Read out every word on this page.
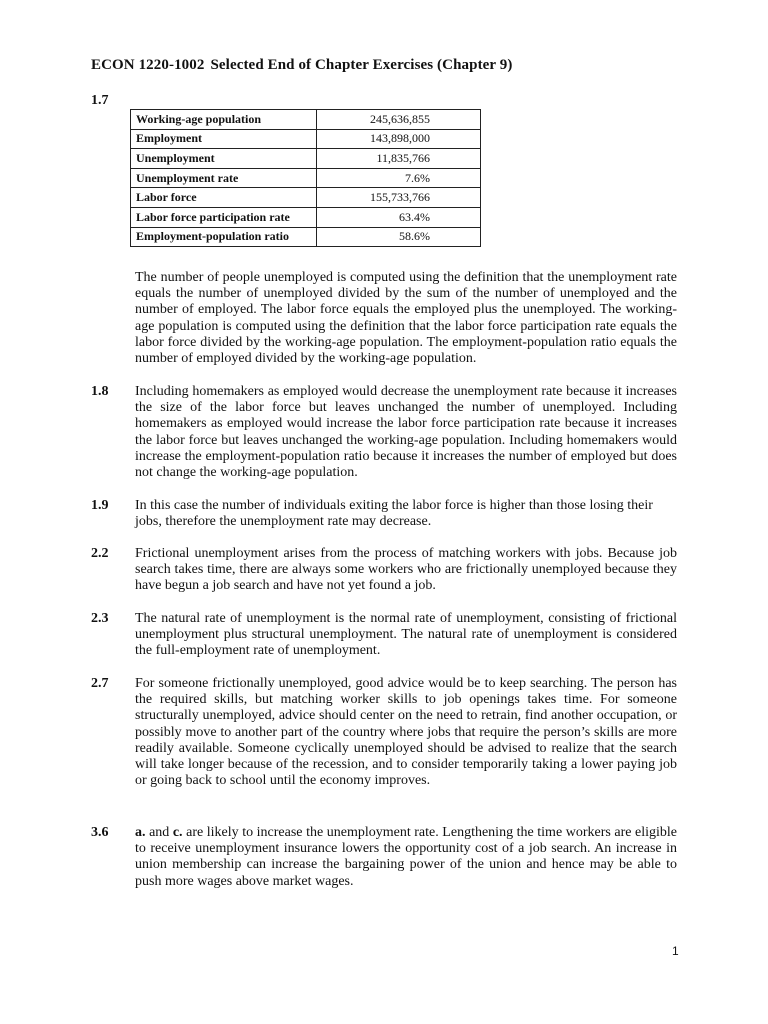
ECON 1220-1002 Selected End of Chapter Exercises (Chapter 9)
1.7
Working-age population	245,636,855
Employment	143,898,000
Unemployment	11,835,766
Unemployment rate	7.6%
Labor force	155,733,766
Labor force participation rate	63.4%
Employment-population ratio	58.6%

The number of people unemployed is computed using the definition that the unemployment rate equals the number of unemployed divided by the sum of the number of unemployed and the number of employed. The labor force equals the employed plus the unemployed. The working-age population is computed using the definition that the labor force participation rate equals the labor force divided by the working-age population. The employment-population ratio equals the number of employed divided by the working-age population.

1.8 Including homemakers as employed would decrease the unemployment rate because it increases the size of the labor force but leaves unchanged the number of unemployed. Including homemakers as employed would increase the labor force participation rate because it increases the labor force but leaves unchanged the working-age population. Including homemakers would increase the employment-population ratio because it increases the number of employed but does not change the working-age population.

1.9 In this case the number of individuals exiting the labor force is higher than those losing their jobs, therefore the unemployment rate may decrease.

2.2 Frictional unemployment arises from the process of matching workers with jobs. Because job search takes time, there are always some workers who are frictionally unemployed because they have begun a job search and have not yet found a job.

2.3 The natural rate of unemployment is the normal rate of unemployment, consisting of frictional unemployment plus structural unemployment. The natural rate of unemployment is considered the full-employment rate of unemployment.

2.7 For someone frictionally unemployed, good advice would be to keep searching. The person has the required skills, but matching worker skills to job openings takes time. For someone structurally unemployed, advice should center on the need to retrain, find another occupation, or possibly move to another part of the country where jobs that require the person’s skills are more readily available. Someone cyclically unemployed should be advised to realize that the search will take longer because of the recession, and to consider temporarily taking a lower paying job or going back to school until the economy improves.

3.6 a. and c. are likely to increase the unemployment rate. Lengthening the time workers are eligible to receive unemployment insurance lowers the opportunity cost of a job search. An increase in union membership can increase the bargaining power of the union and hence may be able to push more wages above market wages.

1
